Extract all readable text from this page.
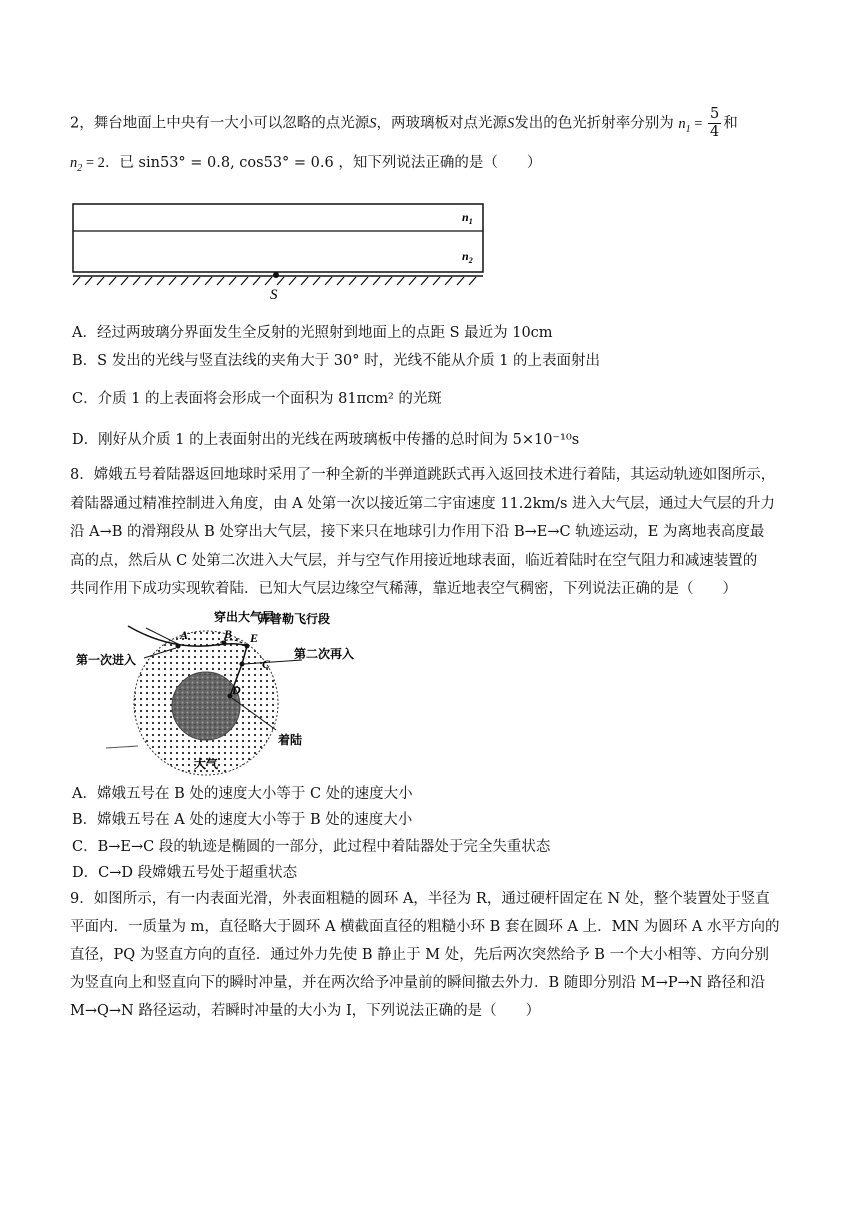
2，舞台地面上中央有一大小可以忽略的点光源S，两玻璃板对点光源S发出的色光折射率分别为 $n_1 = \frac{5}{4}$ 和
$n_2 = 2$．已 sin53° = 0.8, cos53° = 0.6 ，知下列说法正确的是（　　）
$n_1$
$n_2$
S
A．经过两玻璃分界面发生全反射的光照射到地面上的点距 S 最近为 10cm
B．S 发出的光线与竖直法线的夹角大于 30° 时，光线不能从介质 1 的上表面射出
C．介质 1 的上表面将会形成一个面积为 81πcm² 的光斑
D．刚好从介质 1 的上表面射出的光线在两玻璃板中传播的总时间为 5×10⁻¹⁰s
8．嫦娥五号着陆器返回地球时采用了一种全新的半弹道跳跃式再入返回技术进行着陆，其运动轨迹如图所示，
着陆器通过精准控制进入角度，由 A 处第一次以接近第二宇宙速度 11.2km/s 进入大气层，通过大气层的升力
沿 A→B 的滑翔段从 B 处穿出大气层，接下来只在地球引力作用下沿 B→E→C 轨迹运动，E 为离地表高度最
高的点，然后从 C 处第二次进入大气层，并与空气作用接近地球表面，临近着陆时在空气阻力和减速装置的
共同作用下成功实现软着陆．已知大气层边缘空气稀薄，靠近地表空气稠密，下列说法正确的是（　　）
穿出大气层
开普勒飞行段
第一次进入	第二次再入
着陆
大气
A	B E
C
D
A．嫦娥五号在 B 处的速度大小等于 C 处的速度大小
B．嫦娥五号在 A 处的速度大小等于 B 处的速度大小
C．B→E→C 段的轨迹是椭圆的一部分，此过程中着陆器处于完全失重状态
D．C→D 段嫦娥五号处于超重状态
9．如图所示，有一内表面光滑，外表面粗糙的圆环 A，半径为 R，通过硬杆固定在 N 处，整个装置处于竖直
平面内．一质量为 m，直径略大于圆环 A 横截面直径的粗糙小环 B 套在圆环 A 上．MN 为圆环 A 水平方向的
直径，PQ 为竖直方向的直径．通过外力先使 B 静止于 M 处，先后两次突然给予 B 一个大小相等、方向分别
为竖直向上和竖直向下的瞬时冲量，并在两次给予冲量前的瞬间撤去外力．B 随即分别沿 M→P→N 路径和沿
M→Q→N 路径运动，若瞬时冲量的大小为 I，下列说法正确的是（　　）
